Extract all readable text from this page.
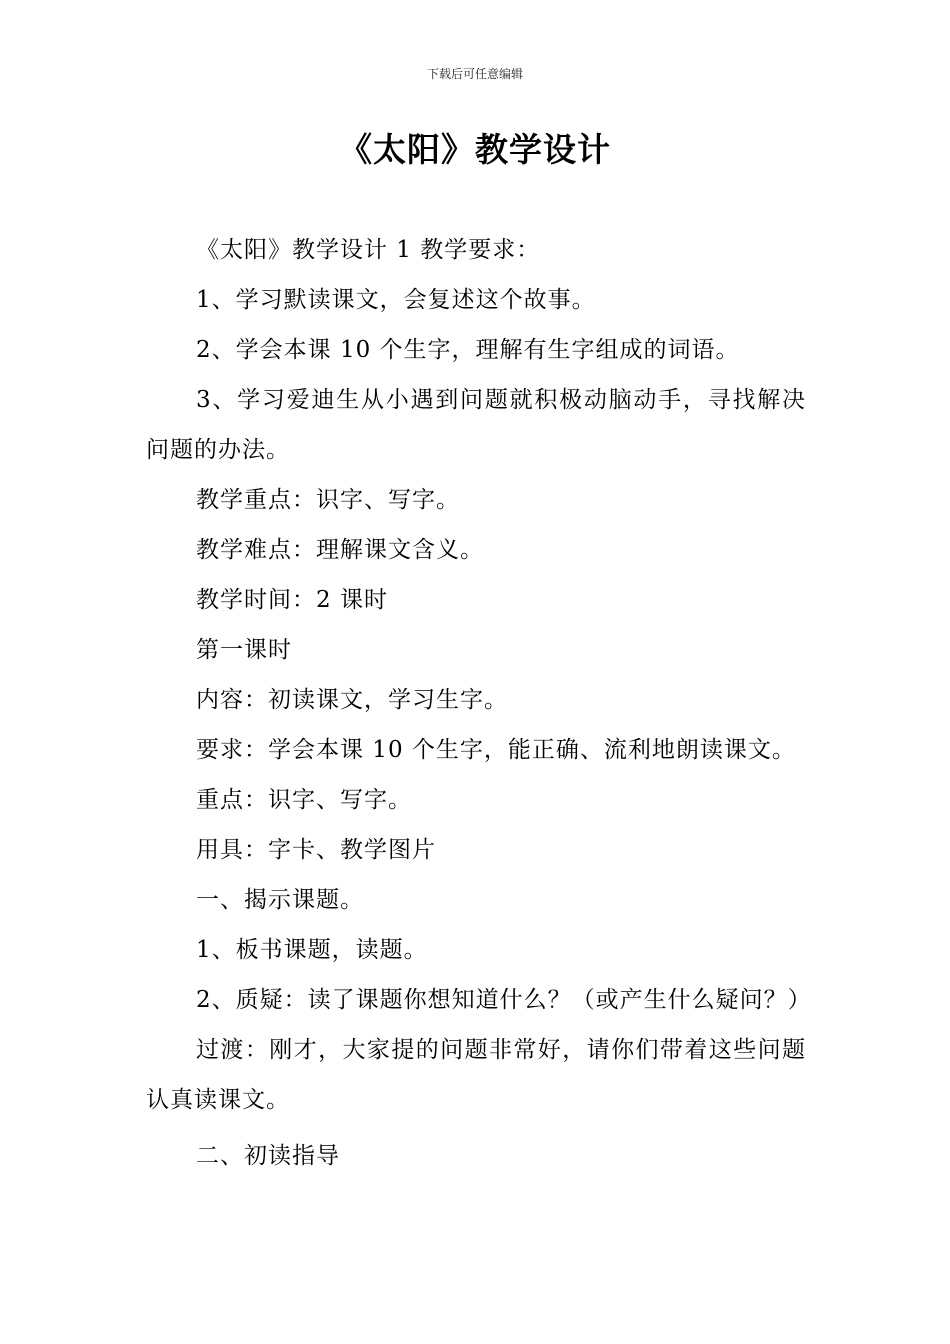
下载后可任意编辑
《太阳》教学设计

《太阳》教学设计 1 教学要求：

1、学习默读课文，会复述这个故事。

2、学会本课 10 个生字，理解有生字组成的词语。

3、学习爱迪生从小遇到问题就积极动脑动手，寻找解决问题的办法。

教学重点：识字、写字。

教学难点：理解课文含义。

教学时间：2 课时

第一课时

内容：初读课文，学习生字。

要求：学会本课 10 个生字，能正确、流利地朗读课文。

重点：识字、写字。

用具：字卡、教学图片

一、揭示课题。

1、板书课题，读题。

2、质疑：读了课题你想知道什么？（或产生什么疑问？）

过渡：刚才，大家提的问题非常好，请你们带着这些问题认真读课文。

二、初读指导
